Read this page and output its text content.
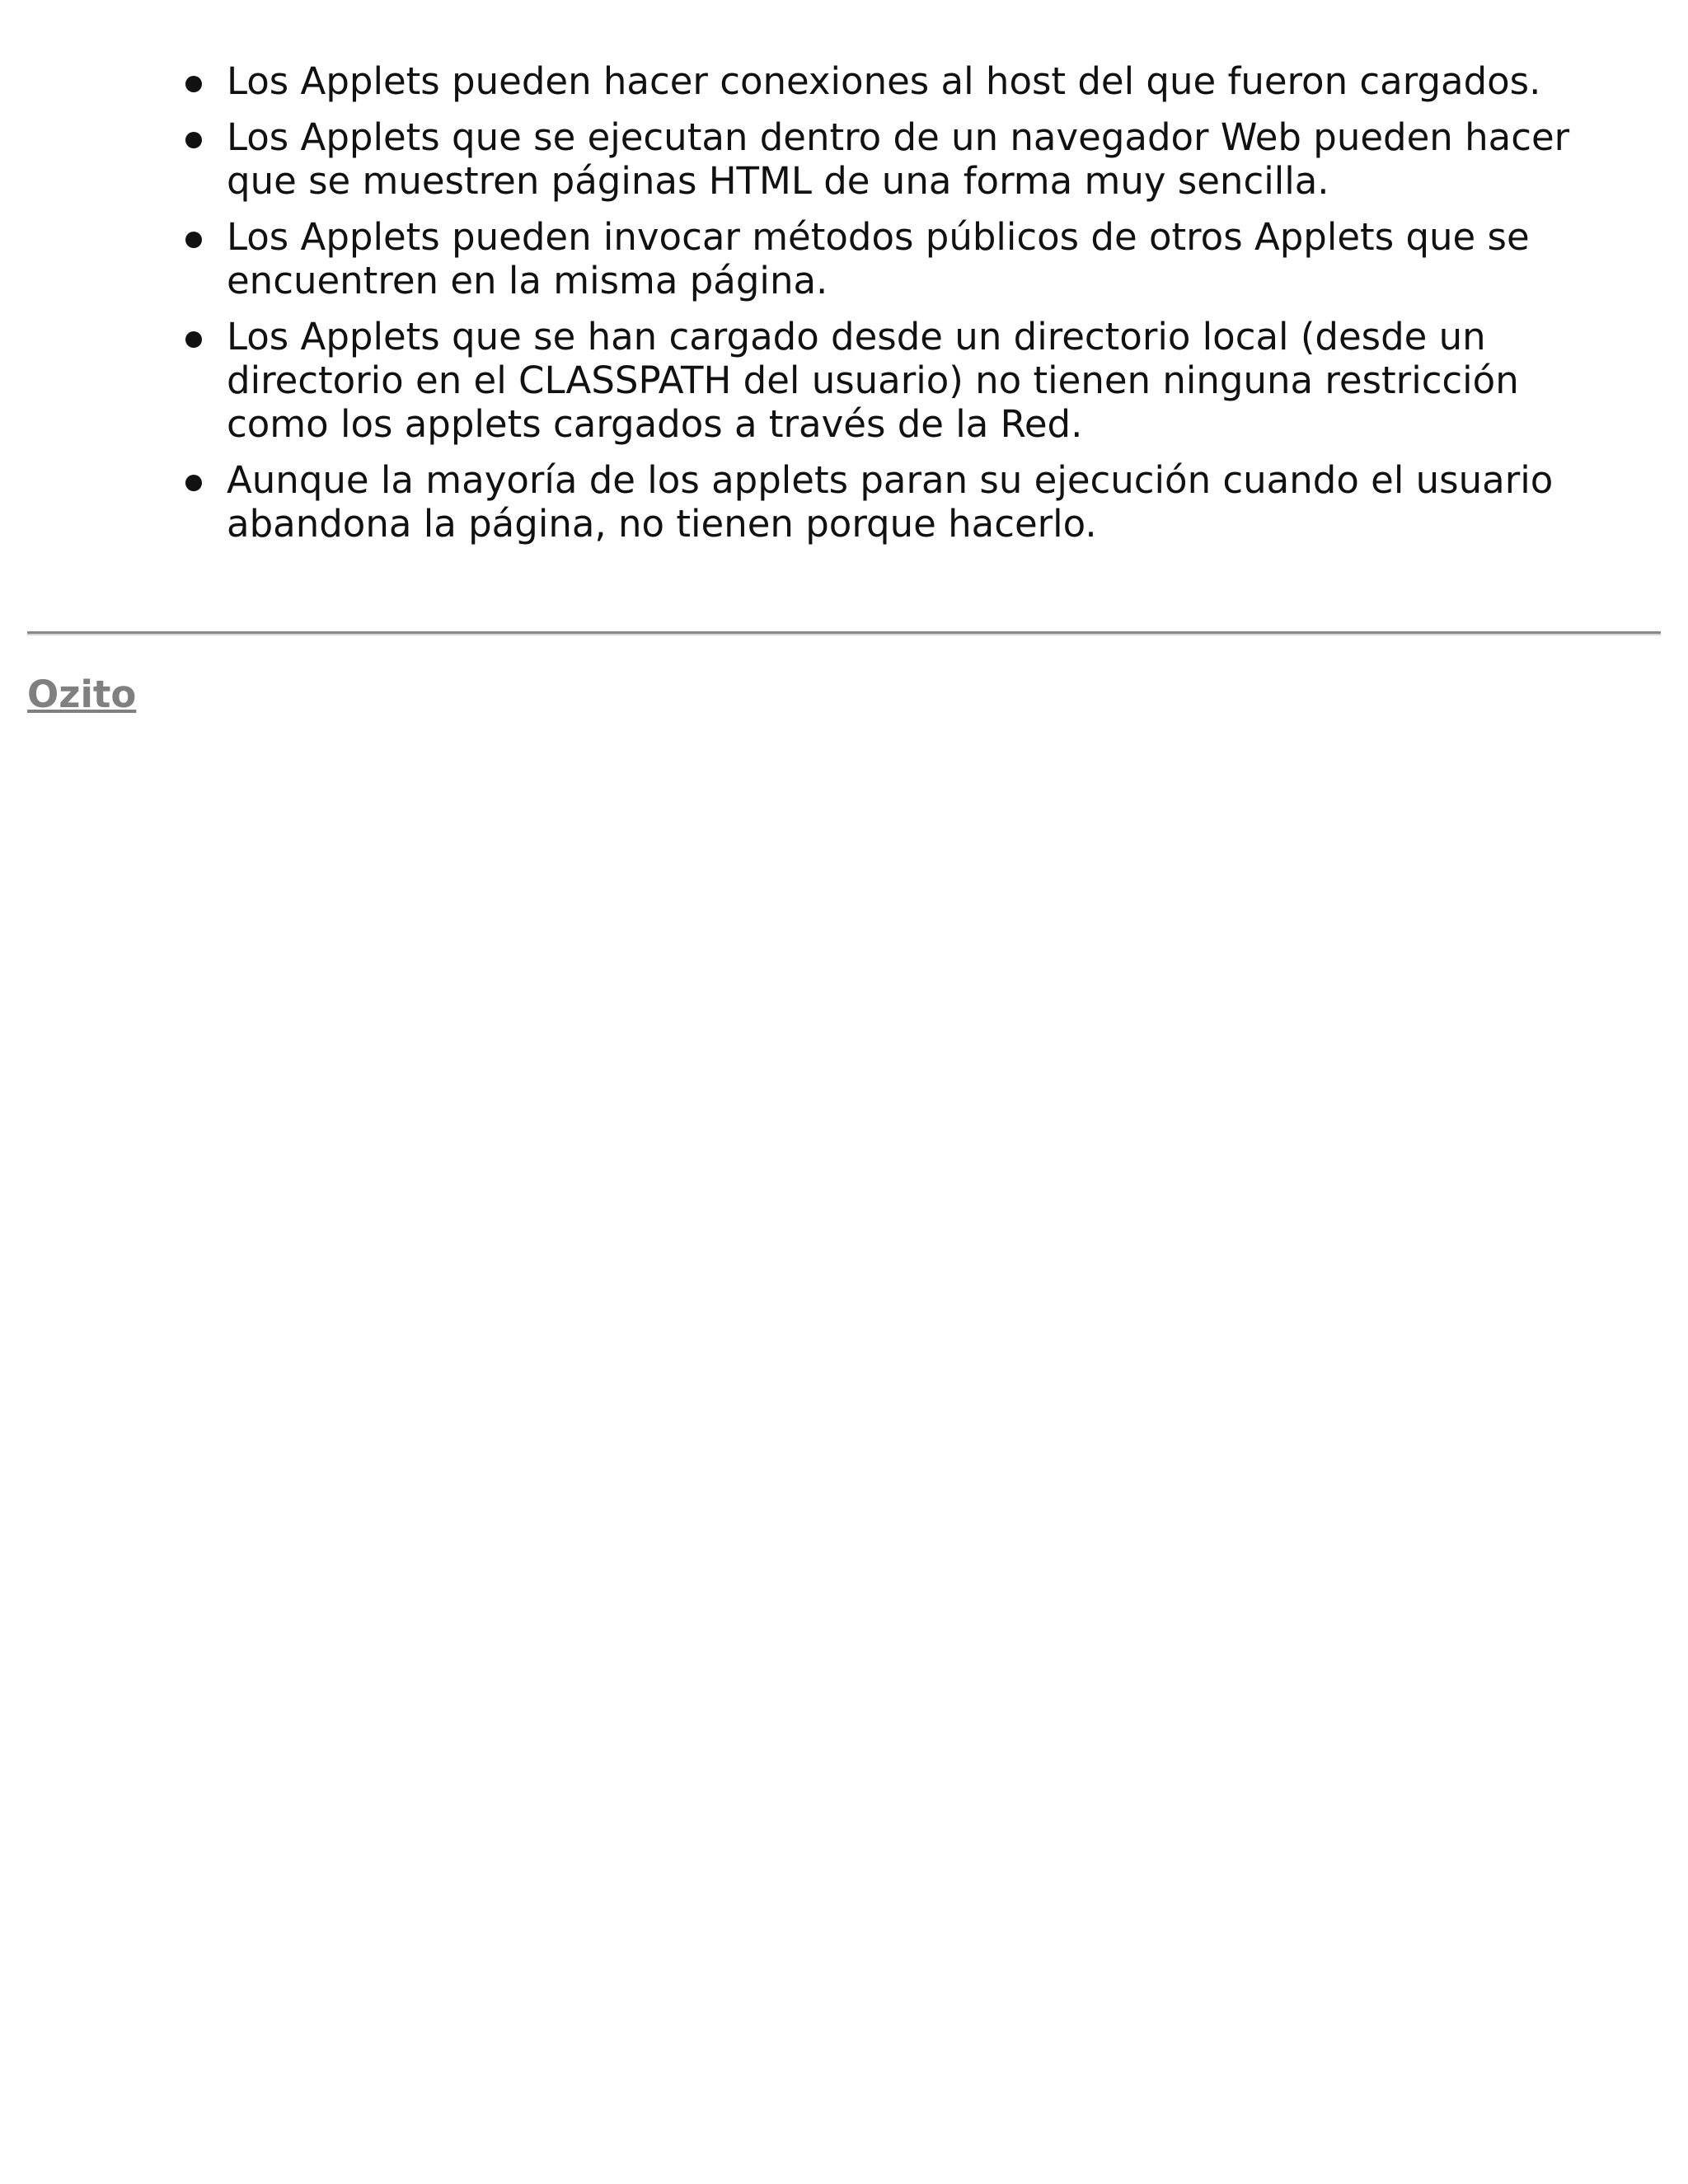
Los Applets pueden hacer conexiones al host del que fueron cargados.
Los Applets que se ejecutan dentro de un navegador Web pueden hacer que se muestren páginas HTML de una forma muy sencilla.
Los Applets pueden invocar métodos públicos de otros Applets que se encuentren en la misma página.
Los Applets que se han cargado desde un directorio local (desde un directorio en el CLASSPATH del usuario) no tienen ninguna restricción como los applets cargados a través de la Red.
Aunque la mayoría de los applets paran su ejecución cuando el usuario abandona la página, no tienen porque hacerlo.
Ozito
